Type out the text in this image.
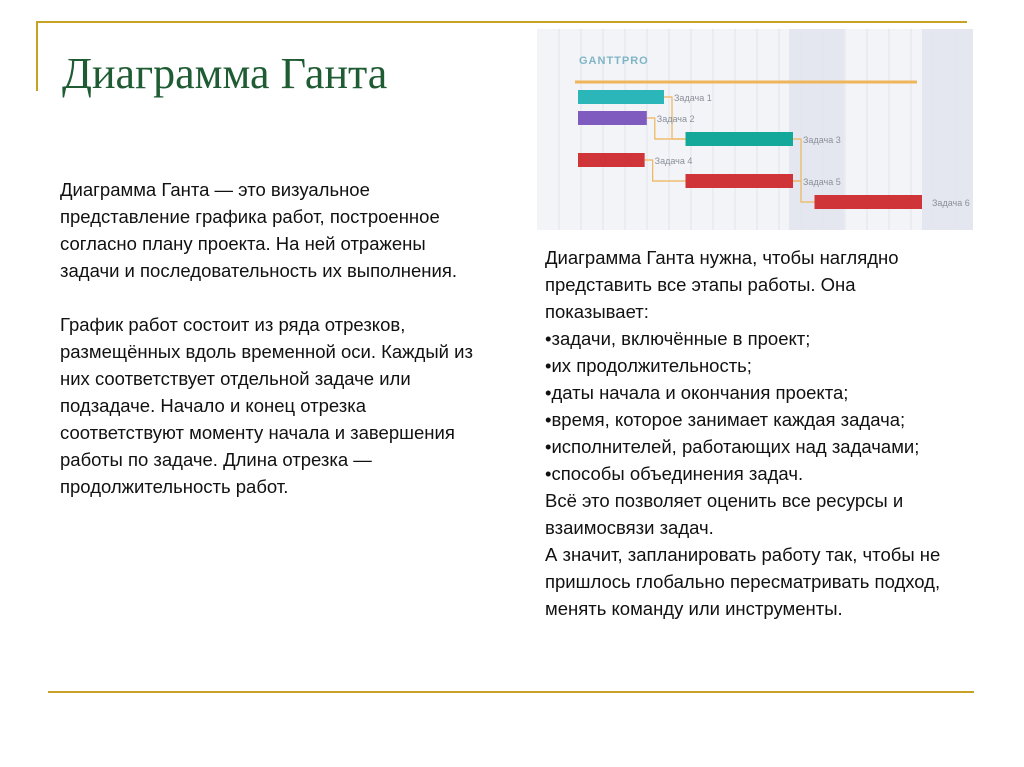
Диаграмма Ганта

Диаграмма Ганта — это визуальное представление графика работ, построенное согласно плану проекта. На ней отражены задачи и последовательность их выполнения.

График работ состоит из ряда отрезков, размещённых вдоль временной оси. Каждый из них соответствует отдельной задаче или подзадаче. Начало и конец отрезка соответствуют моменту начала и завершения работы по задаче. Длина отрезка — продолжительность работ.

GANTTPRO
Задача 1
Задача 2
Задача 3
Задача 4
Задача 5
Задача 6

Диаграмма Ганта нужна, чтобы наглядно представить все этапы работы. Она показывает:

•задачи, включённые в проект;

•их продолжительность;

•даты начала и окончания проекта;

•время, которое занимает каждая задача;

•исполнителей, работающих над задачами;

•способы объединения задач.

Всё это позволяет оценить все ресурсы и взаимосвязи задач.

А значит, запланировать работу так, чтобы не пришлось глобально пересматривать подход, менять команду или инструменты.
